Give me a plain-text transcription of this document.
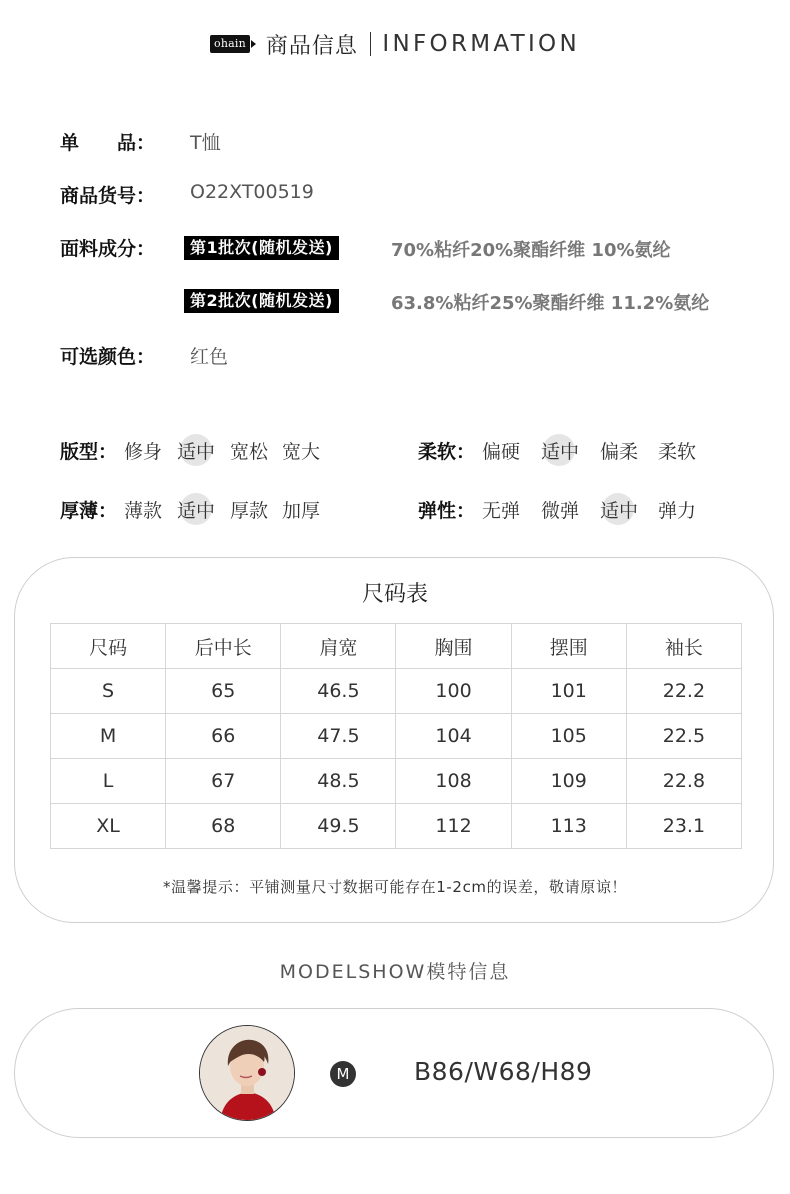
ohain 商品信息 INFORMATION
单　　品： T恤
商品货号： O22XT00519
面料成分：	第1批次(随机发送)	70%粘纤20%聚酯纤维 10%氨纶
第2批次(随机发送)	63.8%粘纤25%聚酯纤维 11.2%氨纶
可选颜色： 红色
版型： 修身 适中 宽松 宽大	柔软： 偏硬 适中 偏柔 柔软
厚薄： 薄款 适中 厚款 加厚	弹性： 无弹 微弹 适中 弹力
尺码表
尺码	后中长	肩宽	胸围	摆围	袖长
S	65	46.5	100	101	22.2
M	66	47.5	104	105	22.5
L	67	48.5	108	109	22.8
XL	68	49.5	112	113	23.1
*温馨提示：平铺测量尺寸数据可能存在1-2cm的误差，敬请原谅！
MODELSHOW模特信息
M	B86/W68/H89
